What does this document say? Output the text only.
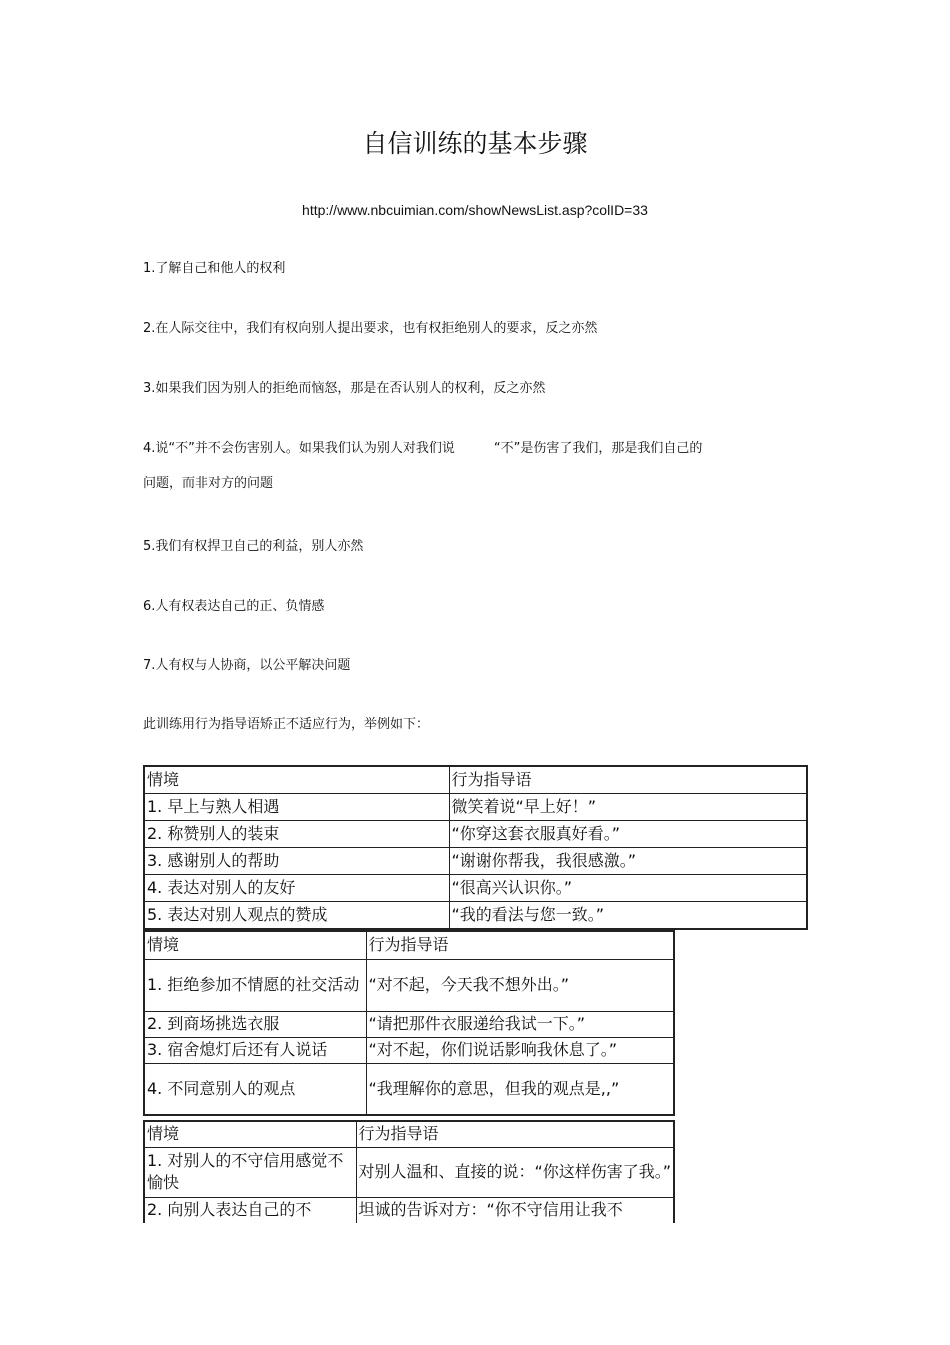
自信训练的基本步骤
http://www.nbcuimian.com/showNewsList.asp?colID=33
1.了解自己和他人的权利
2.在人际交往中，我们有权向别人提出要求，也有权拒绝别人的要求，反之亦然
3.如果我们因为别人的拒绝而恼怒，那是在否认别人的权利，反之亦然
4.说“不”并不会伤害别人。如果我们认为别人对我们说　　　“不”是伤害了我们，那是我们自己的
问题，而非对方的问题
5.我们有权捍卫自己的利益，别人亦然
6.人有权表达自己的正、负情感
7.人有权与人协商，以公平解决问题
此训练用行为指导语矫正不适应行为，举例如下：
情境	行为指导语
1. 早上与熟人相遇	微笑着说“早上好！”
2. 称赞别人的装束	“你穿这套衣服真好看。”
3. 感谢别人的帮助	“谢谢你帮我，我很感激。”
4. 表达对别人的友好	“很高兴认识你。”
5. 表达对别人观点的赞成	“我的看法与您一致。”
情境	行为指导语
1. 拒绝参加不情愿的社交活动	“对不起，今天我不想外出。”
2. 到商场挑选衣服	“请把那件衣服递给我试一下。”
3. 宿舍熄灯后还有人说话	“对不起，你们说话影响我休息了。”
4. 不同意别人的观点	“我理解你的意思，但我的观点是,,”
情境	行为指导语
1. 对别人的不守信用感觉不愉快	对别人温和、直接的说：“你这样伤害了我。”
2. 向别人表达自己的不	坦诚的告诉对方：“你不守信用让我不
